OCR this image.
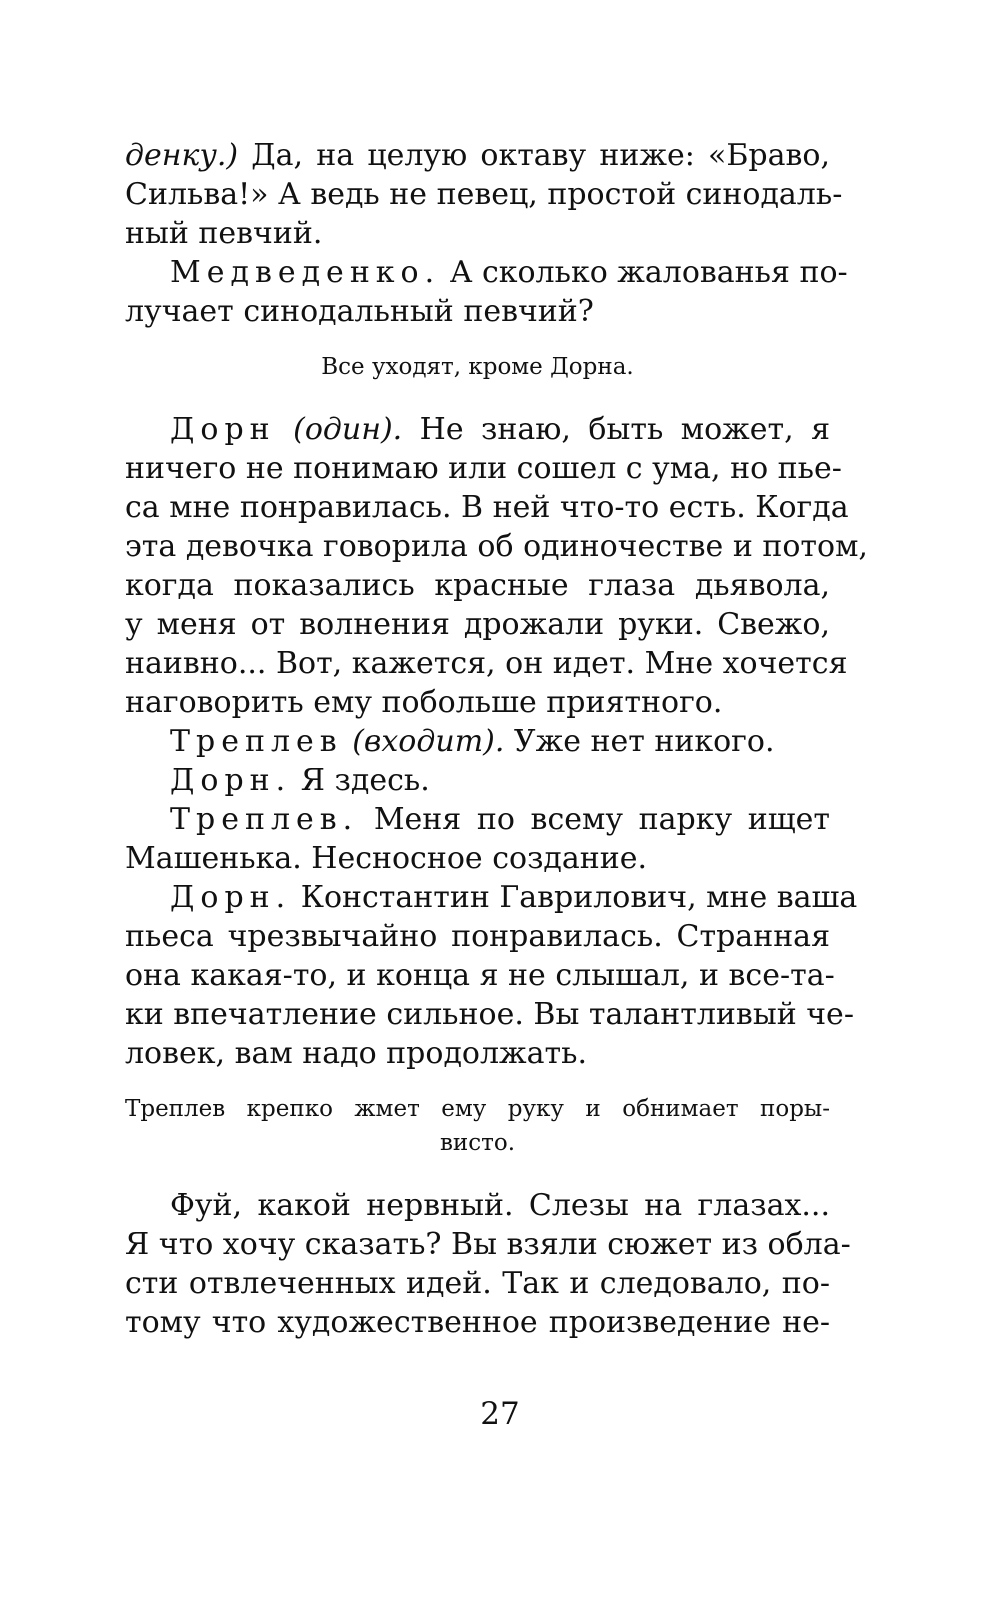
денку.) Да, на целую октаву ниже: «Браво,
Сильва!» А ведь не певец, простой синодаль-
ный певчий.
Медведенко. А сколько жалованья по-
лучает синодальный певчий?
Все уходят, кроме Дорна.
Дорн (один). Не знаю, быть может, я
ничего не понимаю или сошел с ума, но пье-
са мне понравилась. В ней что-то есть. Когда
эта девочка говорила об одиночестве и потом,
когда показались красные глаза дьявола,
у меня от волнения дрожали руки. Свежо,
наивно... Вот, кажется, он идет. Мне хочется
наговорить ему побольше приятного.
Треплев (входит). Уже нет никого.
Дорн. Я здесь.
Треплев. Меня по всему парку ищет
Машенька. Несносное создание.
Дорн. Константин Гаврилович, мне ваша
пьеса чрезвычайно понравилась. Странная
она какая-то, и конца я не слышал, и все-та-
ки впечатление сильное. Вы талантливый че-
ловек, вам надо продолжать.
Треплев крепко жмет ему руку и обнимает поры-
висто.
Фуй, какой нервный. Слезы на глазах...
Я что хочу сказать? Вы взяли сюжет из обла-
сти отвлеченных идей. Так и следовало, по-
тому что художественное произведение не-
27
